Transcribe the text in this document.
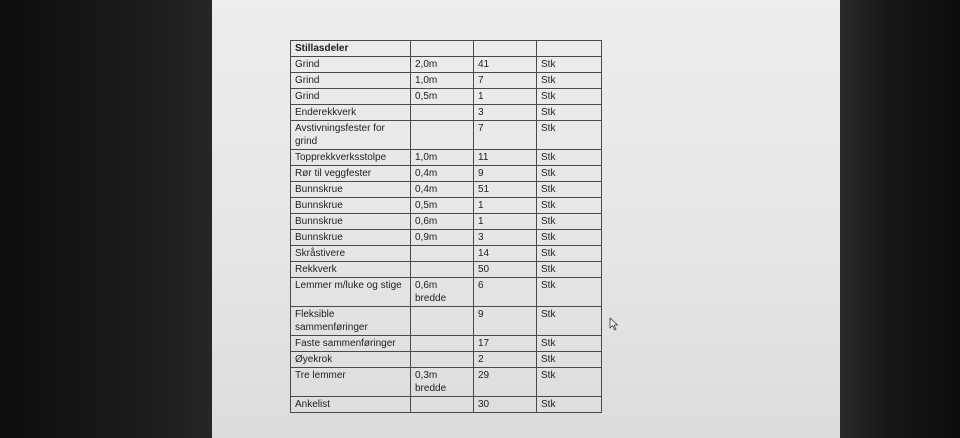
Stillasdeler			
Grind	2,0m	41	Stk
Grind	1,0m	7	Stk
Grind	0,5m	1	Stk
Enderekkverk		3	Stk
Avstivningsfester for grind		7	Stk
Topprekkverksstolpe	1,0m	11	Stk
Rør til veggfester	0,4m	9	Stk
Bunnskrue	0,4m	51	Stk
Bunnskrue	0,5m	1	Stk
Bunnskrue	0,6m	1	Stk
Bunnskrue	0,9m	3	Stk
Skråstivere		14	Stk
Rekkverk		50	Stk
Lemmer m/luke og stige	0,6m bredde	6	Stk
Fleksible sammenføringer		9	Stk
Faste sammenføringer		17	Stk
Øyekrok		2	Stk
Tre lemmer	0,3m bredde	29	Stk
Ankelist		30	Stk
